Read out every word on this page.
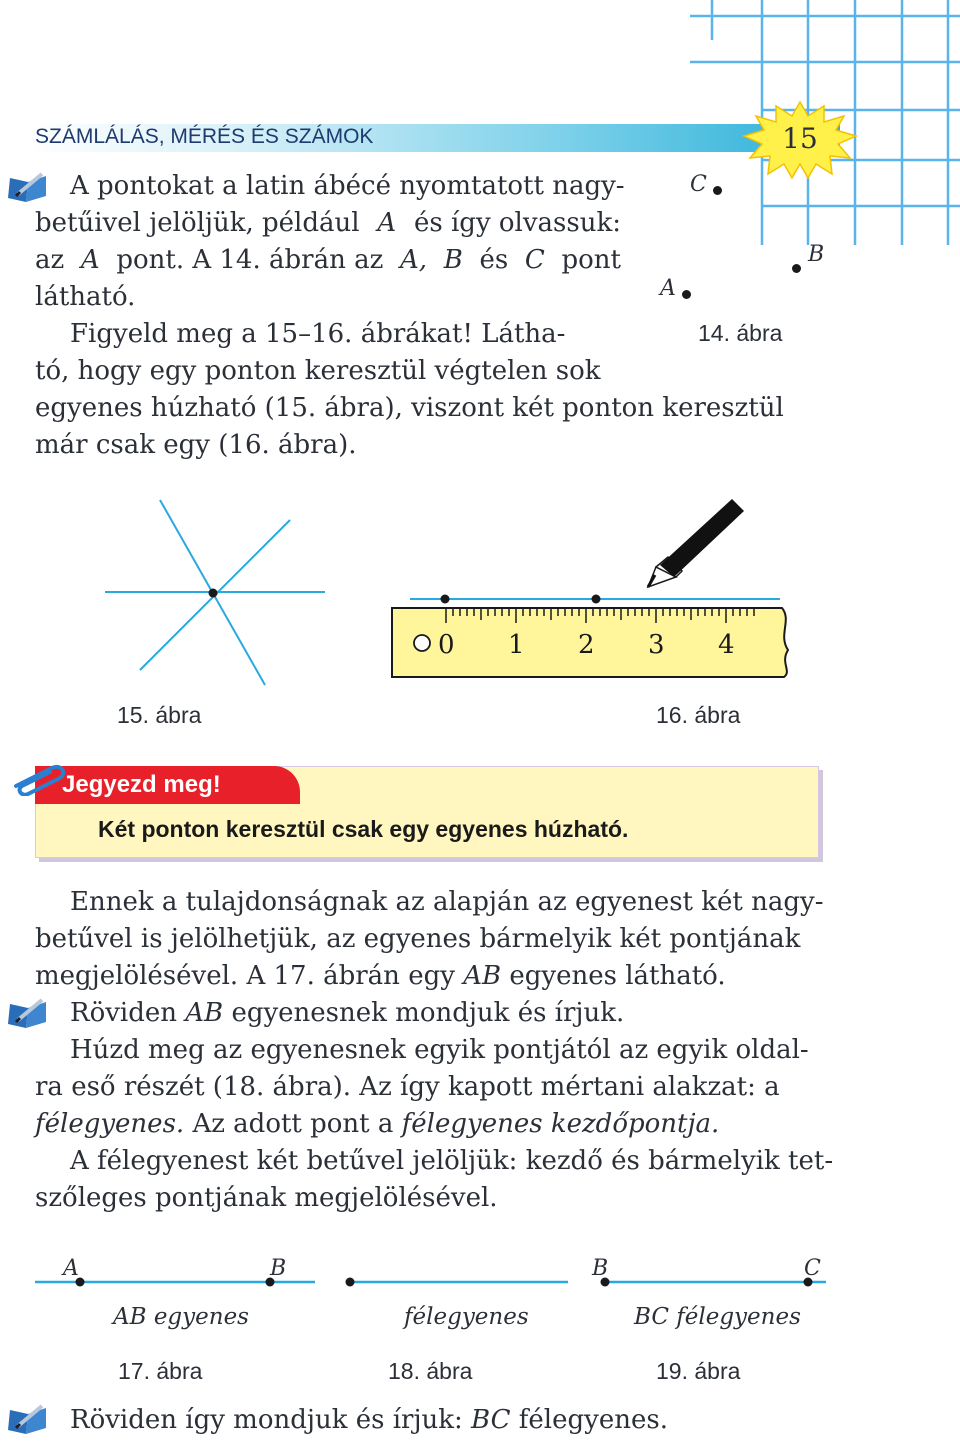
SZÁMLÁLÁS, MÉRÉS ÉS SZÁMOK	15
A pontokat a latin ábécé nyomtatott nagy-
betűivel jelöljük, például A és így olvassuk:
az A pont. A 14. ábrán az A, B és C pont
látható.
Figyeld meg a 15–16. ábrákat! Látha-
tó, hogy egy ponton keresztül végtelen sok
egyenes húzható (15. ábra), viszont két ponton keresztül
már csak egy (16. ábra).
C
B
A
14. ábra
15. ábra
0 1 2 3 4
16. ábra
Jegyezd meg!
Két ponton keresztül csak egy egyenes húzható.
Ennek a tulajdonságnak az alapján az egyenest két nagy-
betűvel is jelölhetjük, az egyenes bármelyik két pontjának
megjelölésével. A 17. ábrán egy AB egyenes látható.
Röviden AB egyenesnek mondjuk és írjuk.
Húzd meg az egyenesnek egyik pontjától az egyik oldal-
ra eső részét (18. ábra). Az így kapott mértani alakzat: a
félegyenes. Az adott pont a félegyenes kezdőpontja.
A félegyenest két betűvel jelöljük: kezdő és bármelyik tet-
szőleges pontjának megjelölésével.
A	B	B	C
AB egyenes	félegyenes	BC félegyenes
17. ábra	18. ábra	19. ábra
Röviden így mondjuk és írjuk: BC félegyenes.
